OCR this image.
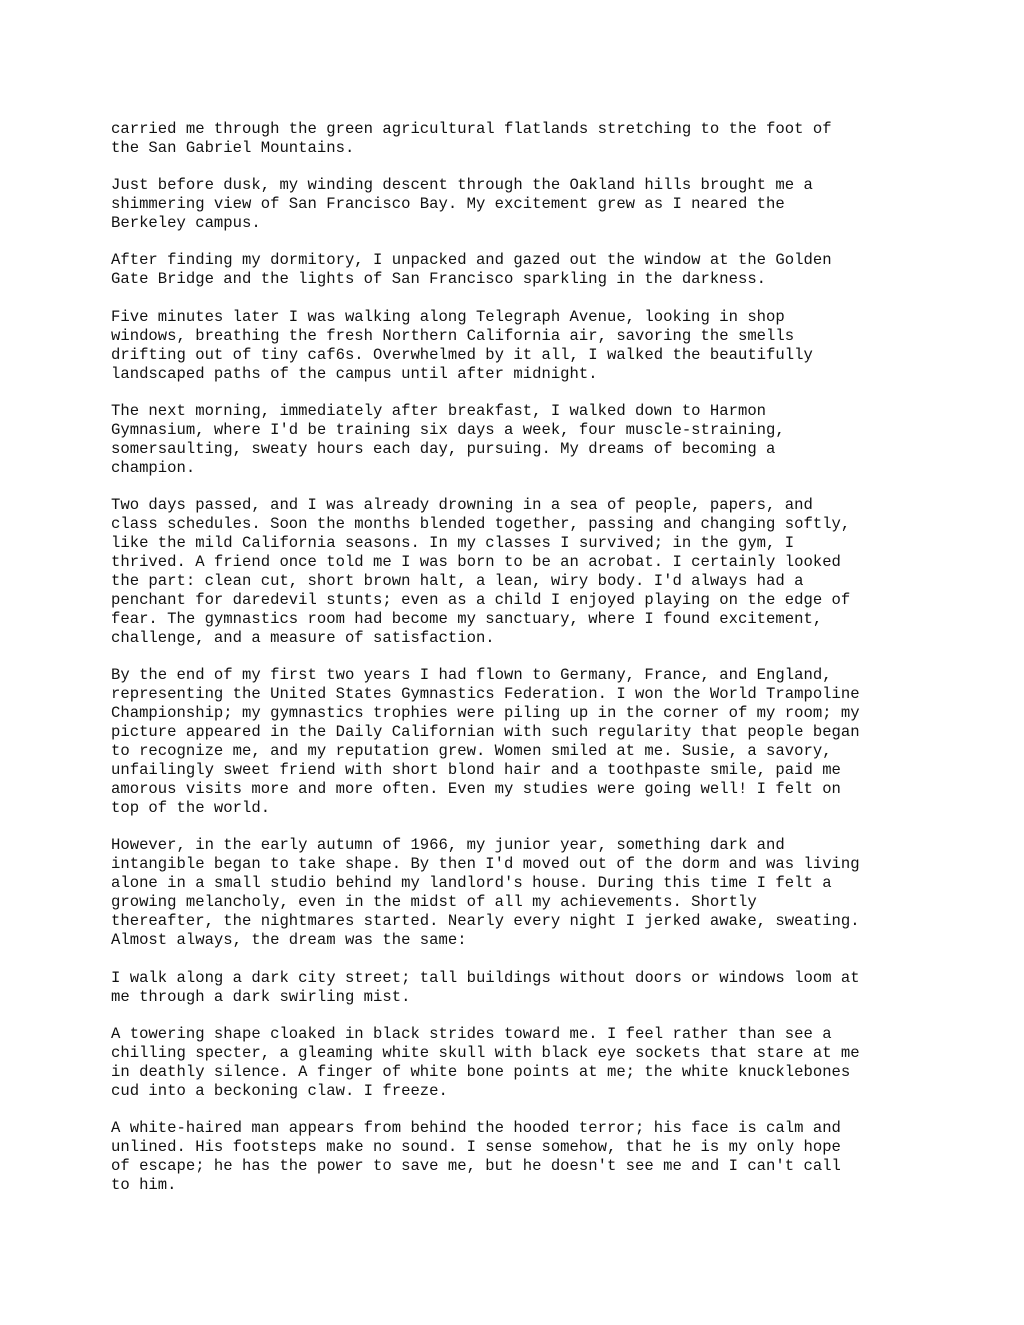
carried me through the green agricultural flatlands stretching to the foot of
the San Gabriel Mountains.

Just before dusk, my winding descent through the Oakland hills brought me a
shimmering view of San Francisco Bay. My excitement grew as I neared the
Berkeley campus.

After finding my dormitory, I unpacked and gazed out the window at the Golden
Gate Bridge and the lights of San Francisco sparkling in the darkness.

Five minutes later I was walking along Telegraph Avenue, looking in shop
windows, breathing the fresh Northern California air, savoring the smells
drifting out of tiny caf6s. Overwhelmed by it all, I walked the beautifully
landscaped paths of the campus until after midnight.

The next morning, immediately after breakfast, I walked down to Harmon
Gymnasium, where I'd be training six days a week, four muscle-straining,
somersaulting, sweaty hours each day, pursuing. My dreams of becoming a
champion.

Two days passed, and I was already drowning in a sea of people, papers, and
class schedules. Soon the months blended together, passing and changing softly,
like the mild California seasons. In my classes I survived; in the gym, I
thrived. A friend once told me I was born to be an acrobat. I certainly looked
the part: clean cut, short brown halt, a lean, wiry body. I'd always had a
penchant for daredevil stunts; even as a child I enjoyed playing on the edge of
fear. The gymnastics room had become my sanctuary, where I found excitement,
challenge, and a measure of satisfaction.

By the end of my first two years I had flown to Germany, France, and England,
representing the United States Gymnastics Federation. I won the World Trampoline
Championship; my gymnastics trophies were piling up in the corner of my room; my
picture appeared in the Daily Californian with such regularity that people began
to recognize me, and my reputation grew. Women smiled at me. Susie, a savory,
unfailingly sweet friend with short blond hair and a toothpaste smile, paid me
amorous visits more and more often. Even my studies were going well! I felt on
top of the world.

However, in the early autumn of 1966, my junior year, something dark and
intangible began to take shape. By then I'd moved out of the dorm and was living
alone in a small studio behind my landlord's house. During this time I felt a
growing melancholy, even in the midst of all my achievements. Shortly
thereafter, the nightmares started. Nearly every night I jerked awake, sweating.
Almost always, the dream was the same:

I walk along a dark city street; tall buildings without doors or windows loom at
me through a dark swirling mist.

A towering shape cloaked in black strides toward me. I feel rather than see a
chilling specter, a gleaming white skull with black eye sockets that stare at me
in deathly silence. A finger of white bone points at me; the white knucklebones
cud into a beckoning claw. I freeze.

A white-haired man appears from behind the hooded terror; his face is calm and
unlined. His footsteps make no sound. I sense somehow, that he is my only hope
of escape; he has the power to save me, but he doesn't see me and I can't call
to him.
